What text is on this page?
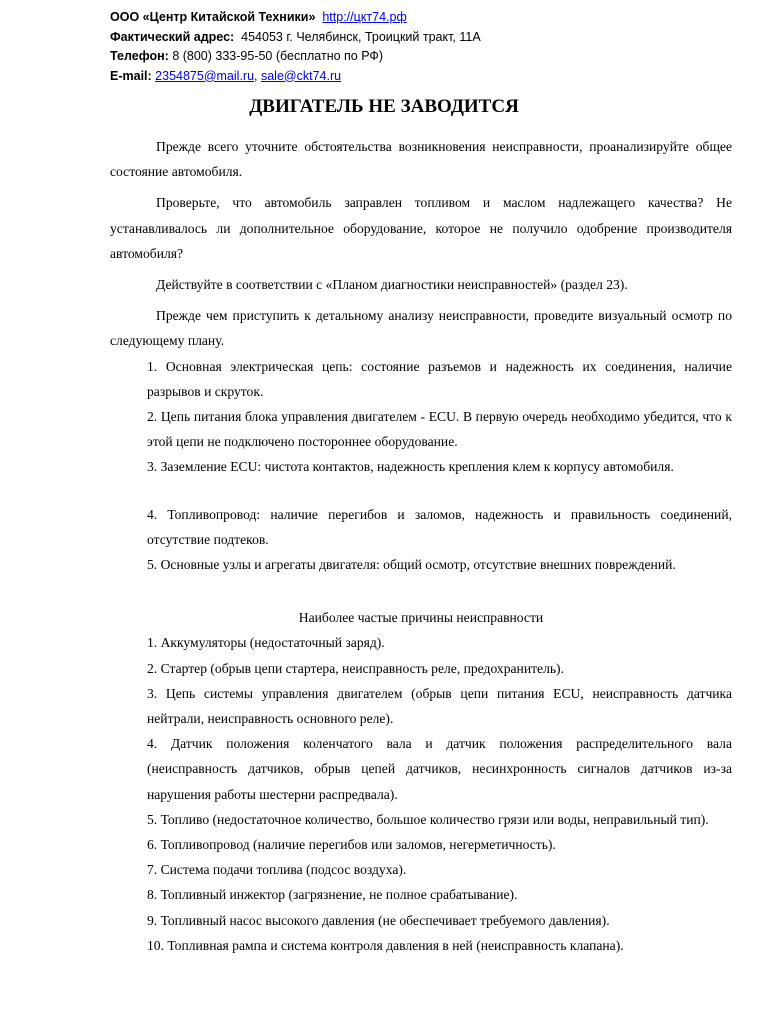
ООО «Центр Китайской Техники» http://цкт74.рф
Фактический адрес: 454053 г. Челябинск, Троицкий тракт, 11А
Телефон: 8 (800) 333-95-50 (бесплатно по РФ)
E-mail: 2354875@mail.ru, sale@ckt74.ru
ДВИГАТЕЛЬ НЕ ЗАВОДИТСЯ

Прежде всего уточните обстоятельства возникновения неисправности, проанализируйте общее состояние автомобиля.

Проверьте, что автомобиль заправлен топливом и маслом надлежащего качества? Не устанавливалось ли дополнительное оборудование, которое не получило одобрение производителя автомобиля?

Действуйте в соответствии с «Планом диагностики неисправностей» (раздел 23).

Прежде чем приступить к детальному анализу неисправности, проведите визуальный осмотр по следующему плану.

1. Основная электрическая цепь: состояние разъемов и надежность их соединения, наличие разрывов и скруток.

2. Цепь питания блока управления двигателем - ECU. В первую очередь необходимо убедится, что к этой цепи не подключено постороннее оборудование.

3. Заземление ECU: чистота контактов, надежность крепления клем к корпусу автомобиля.

4. Топливопровод: наличие перегибов и заломов, надежность и правильность соединений, отсутствие подтеков.

5. Основные узлы и агрегаты двигателя: общий осмотр, отсутствие внешних повреждений.

Наиболее частые причины неисправности

1. Аккумуляторы (недостаточный заряд).

2. Стартер (обрыв цепи стартера, неисправность реле, предохранитель).

3. Цепь системы управления двигателем (обрыв цепи питания ECU, неисправность датчика нейтрали, неисправность основного реле).

4. Датчик положения коленчатого вала и датчик положения распределительного вала (неисправность датчиков, обрыв цепей датчиков, несинхронность сигналов датчиков из-за нарушения работы шестерни распредвала).

5. Топливо (недостаточное количество, большое количество грязи или воды, неправильный тип).

6. Топливопровод (наличие перегибов или заломов, негерметичность).

7. Система подачи топлива (подсос воздуха).

8. Топливный инжектор (загрязнение, не полное срабатывание).

9. Топливный насос высокого давления (не обеспечивает требуемого давления).

10. Топливная рампа и система контроля давления в ней (неисправность клапана).
